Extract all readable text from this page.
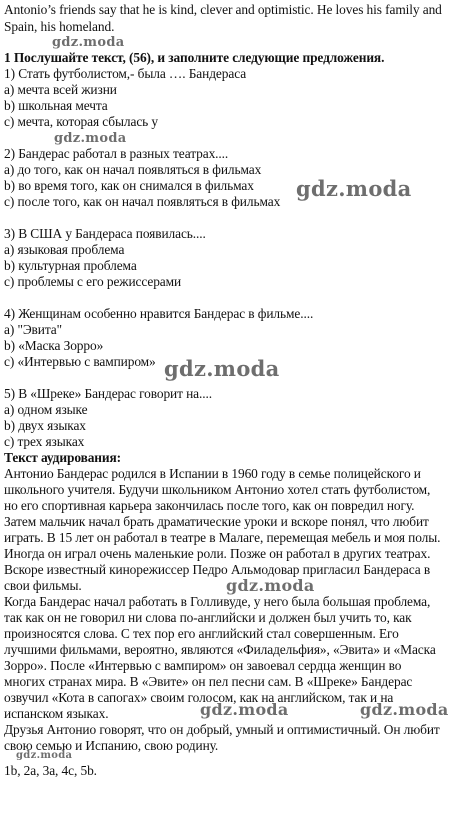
Antonio’s friends say that he is kind, clever and optimistic. He loves his family and
Spain, his homeland.
1 Послушайте текст, (56), и заполните следующие предложения.
1) Стать футболистом,- была …. Бандераса
a) мечта всей жизни
b) школьная мечта
c) мечта, которая сбылась у
2) Бандерас работал в разных театрах....
a) до того, как он начал появляться в фильмах
b) во время того, как он снимался в фильмах
c) после того, как он начал появляться в фильмах
3) В США у Бандераса появилась....
a) языковая проблема
b) культурная проблема
c) проблемы с его режиссерами
4) Женщинам особенно нравится Бандерас в фильме....
a) "Эвита"
b) «Маска Зорро»
c) «Интервью с вампиром»
5) В «Шреке» Бандерас говорит на....
a) одном языке
b) двух языках
c) трех языках
Текст аудирования:
Антонио Бандерас родился в Испании в 1960 году в семье полицейского и
школьного учителя. Будучи школьником Антонио хотел стать футболистом,
но его спортивная карьера закончилась после того, как он повредил ногу.
Затем мальчик начал брать драматические уроки и вскоре понял, что любит
играть. В 15 лет он работал в театре в Малаге, перемещая мебель и моя полы.
Иногда он играл очень маленькие роли. Позже он работал в других театрах.
Вскоре известный кинорежиссер Педро Альмодовар пригласил Бандераса в
свои фильмы.
Когда Бандерас начал работать в Голливуде, у него была большая проблема,
так как он не говорил ни слова по-английски и должен был учить то, как
произносятся слова. С тех пор его английский стал совершенным. Его
лучшими фильмами, вероятно, являются «Филадельфия», «Эвита» и «Маска
Зорро». После «Интервью с вампиром» он завоевал сердца женщин во
многих странах мира. В «Эвите» он пел песни сам. В «Шреке» Бандерас
озвучил «Кота в сапогах» своим голосом, как на английском, так и на
испанском языках.
Друзья Антонио говорят, что он добрый, умный и оптимистичный. Он любит
свою семью и Испанию, свою родину.
1b, 2a, 3a, 4c, 5b.
gdz.moda
gdz.moda
gdz.moda
gdz.moda
gdz.moda
gdz.moda	gdz.moda
gdz.moda
